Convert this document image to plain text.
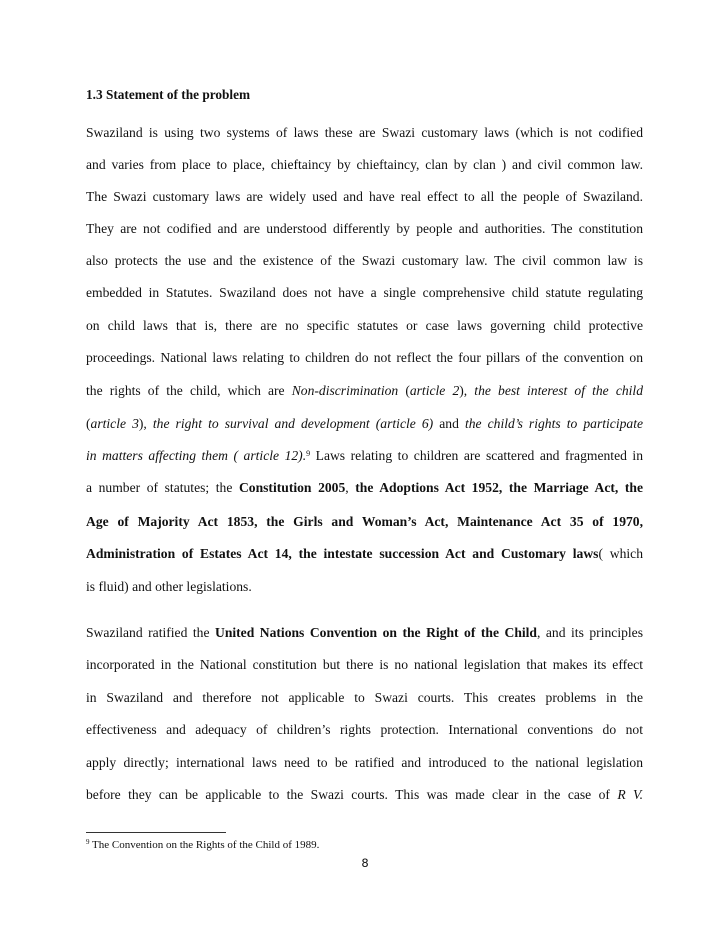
1.3 Statement of the problem
Swaziland is using two systems of laws these are Swazi customary laws (which is not codified
and varies from place to place, chieftaincy by chieftaincy, clan by clan ) and civil common law.
The Swazi customary laws are widely used and have real effect to all the people of Swaziland.
They are not codified and are understood differently by people and authorities. The constitution
also protects the use and the existence of the Swazi customary law. The civil common law is
embedded in Statutes. Swaziland does not have a single comprehensive child statute regulating
on child laws that is, there are no specific statutes or case laws governing child protective
proceedings. National laws relating to children do not reflect the four pillars of the convention on
the rights of the child, which are Non-discrimination (article 2), the best interest of the child
(article 3), the right to survival and development (article 6) and the child’s rights to participate
in matters affecting them ( article 12).$^9$ Laws relating to children are scattered and fragmented in
a number of statutes; the Constitution 2005, the Adoptions Act 1952, the Marriage Act, the
Age of Majority Act 1853, the Girls and Woman’s Act, Maintenance Act 35 of 1970,
Administration of Estates Act 14, the intestate succession Act and Customary laws( which
is fluid) and other legislations.
Swaziland ratified the United Nations Convention on the Right of the Child, and its principles
incorporated in the National constitution but there is no national legislation that makes its effect
in Swaziland and therefore not applicable to Swazi courts. This creates problems in the
effectiveness and adequacy of children’s rights protection. International conventions do not
apply directly; international laws need to be ratified and introduced to the national legislation
before they can be applicable to the Swazi courts. This was made clear in the case of R V.
$^9$ The Convention on the Rights of the Child of 1989.
8
